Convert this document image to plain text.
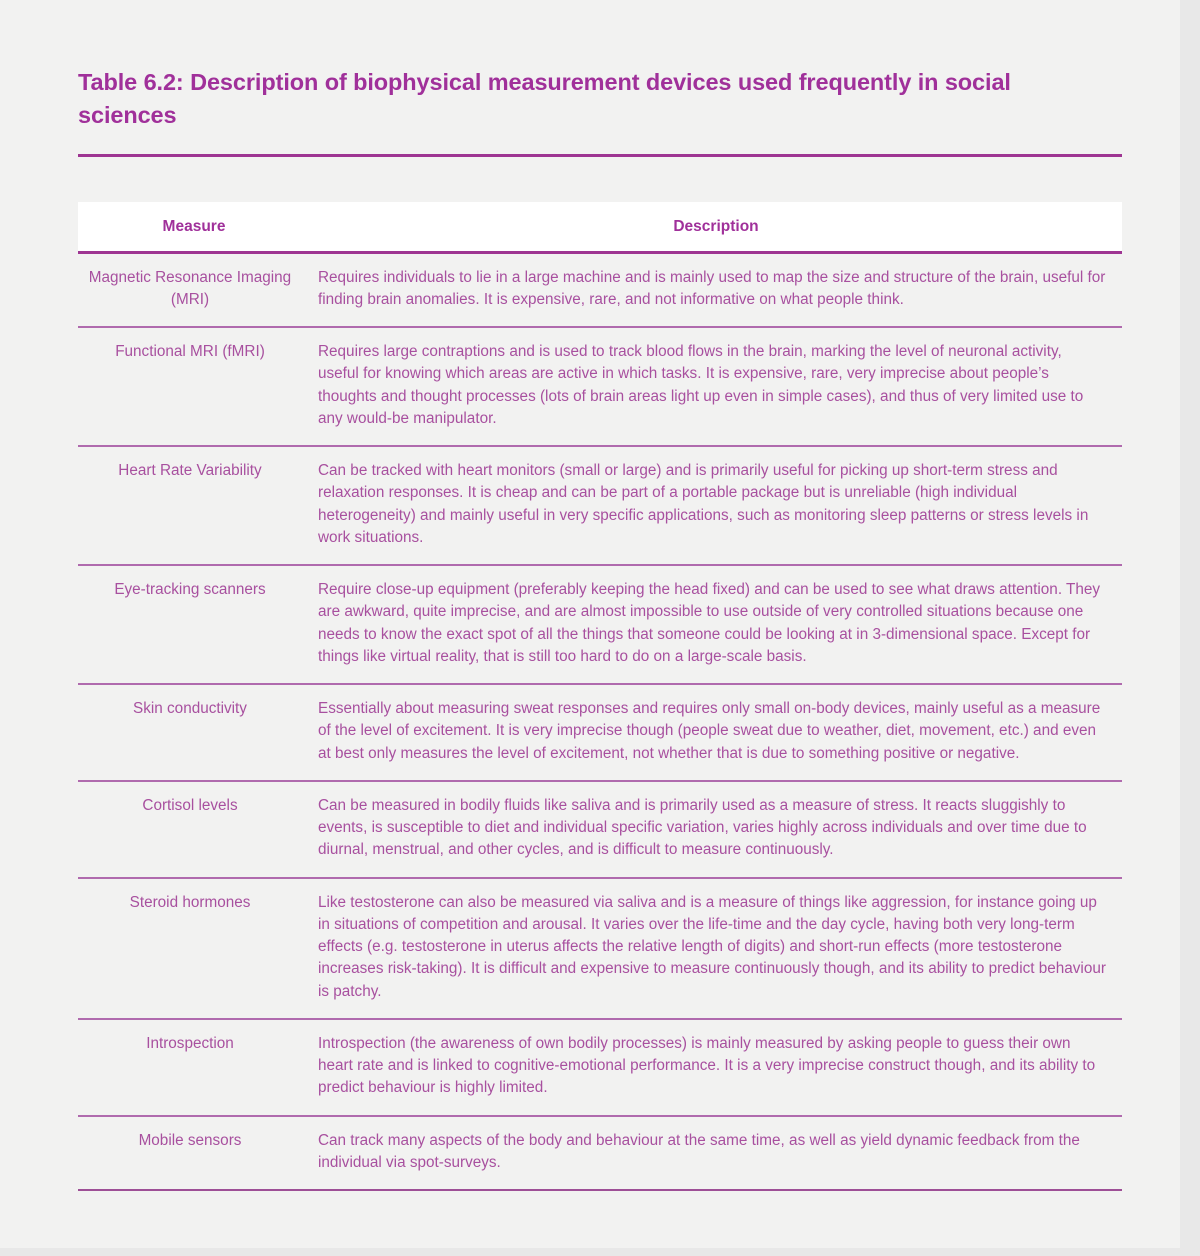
Table 6.2: Description of biophysical measurement devices used frequently in social sciences
Measure	Description
Magnetic Resonance Imaging (MRI)	Requires individuals to lie in a large machine and is mainly used to map the size and structure of the brain, useful for finding brain anomalies. It is expensive, rare, and not informative on what people think.
Functional MRI (fMRI)	Requires large contraptions and is used to track blood flows in the brain, marking the level of neuronal activity, useful for knowing which areas are active in which tasks. It is expensive, rare, very imprecise about people’s thoughts and thought processes (lots of brain areas light up even in simple cases), and thus of very limited use to any would-be manipulator.
Heart Rate Variability	Can be tracked with heart monitors (small or large) and is primarily useful for picking up short-term stress and relaxation responses. It is cheap and can be part of a portable package but is unreliable (high individual heterogeneity) and mainly useful in very specific applications, such as monitoring sleep patterns or stress levels in work situations.
Eye-tracking scanners	Require close-up equipment (preferably keeping the head fixed) and can be used to see what draws attention. They are awkward, quite imprecise, and are almost impossible to use outside of very controlled situations because one needs to know the exact spot of all the things that someone could be looking at in 3-dimensional space. Except for things like virtual reality, that is still too hard to do on a large-scale basis.
Skin conductivity	Essentially about measuring sweat responses and requires only small on-body devices, mainly useful as a measure of the level of excitement. It is very imprecise though (people sweat due to weather, diet, movement, etc.) and even at best only measures the level of excitement, not whether that is due to something positive or negative.
Cortisol levels	Can be measured in bodily fluids like saliva and is primarily used as a measure of stress. It reacts sluggishly to events, is susceptible to diet and individual specific variation, varies highly across individuals and over time due to diurnal, menstrual, and other cycles, and is difficult to measure continuously.
Steroid hormones	Like testosterone can also be measured via saliva and is a measure of things like aggression, for instance going up in situations of competition and arousal. It varies over the life-time and the day cycle, having both very long-term effects (e.g. testosterone in uterus affects the relative length of digits) and short-run effects (more testosterone increases risk-taking). It is difficult and expensive to measure continuously though, and its ability to predict behaviour is patchy.
Introspection	Introspection (the awareness of own bodily processes) is mainly measured by asking people to guess their own heart rate and is linked to cognitive-emotional performance. It is a very imprecise construct though, and its ability to predict behaviour is highly limited.
Mobile sensors	Can track many aspects of the body and behaviour at the same time, as well as yield dynamic feedback from the individual via spot-surveys.
